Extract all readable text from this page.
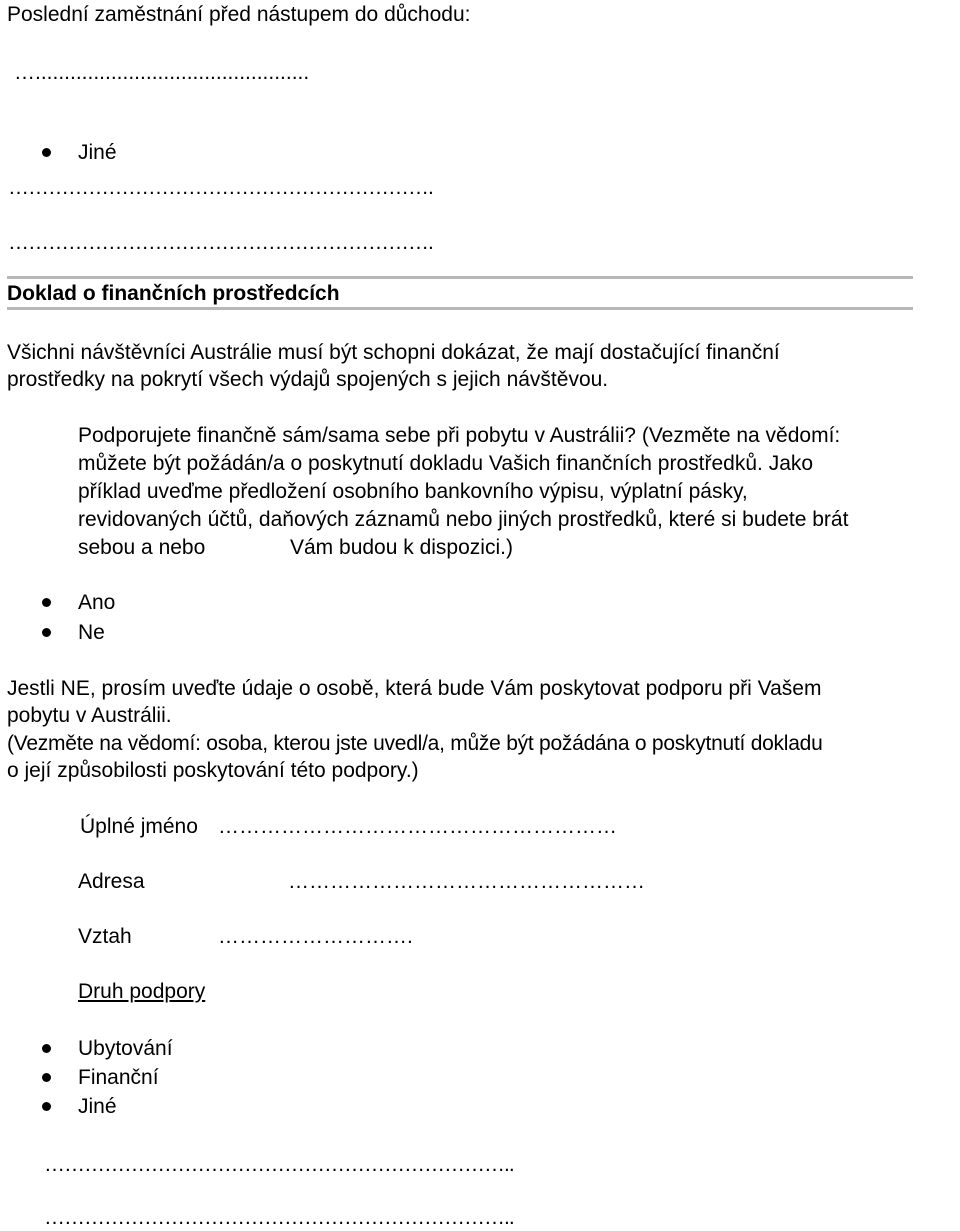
Poslední zaměstnání před nástupem do důchodu:
…...............................................
Jiné
……………………………………………………….
……………………………………………………….
Doklad o finančních prostředcích
Všichni návštěvníci Austrálie musí být schopni dokázat, že mají dostačující finanční
prostředky na pokrytí všech výdajů spojených s jejich návštěvou.
Podporujete finančně sám/sama sebe při pobytu v Austrálii? (Vezměte na vědomí:
můžete být požádán/a o poskytnutí dokladu Vašich finančních prostředků. Jako
příklad uveďme předložení osobního bankovního výpisu, výplatní pásky,
revidovaných účtů, daňových záznamů nebo jiných prostředků, které si budete brát
sebou a nebo	Vám budou k dispozici.)
Ano
Ne
Jestli NE, prosím uveďte údaje o osobě, která bude Vám poskytovat podporu při Vašem
pobytu v Austrálii.
(Vezměte na vědomí: osoba, kterou jste uvedl/a, může být požádána o poskytnutí dokladu
o její způsobilosti poskytování této podpory.)
Úplné jméno …………………………………………………
Adresa	……………………………………………
Vztah	……………………….
Druh podpory
Ubytování
Finanční
Jiné
……………………………………………………………..
……………………………………………………………..
